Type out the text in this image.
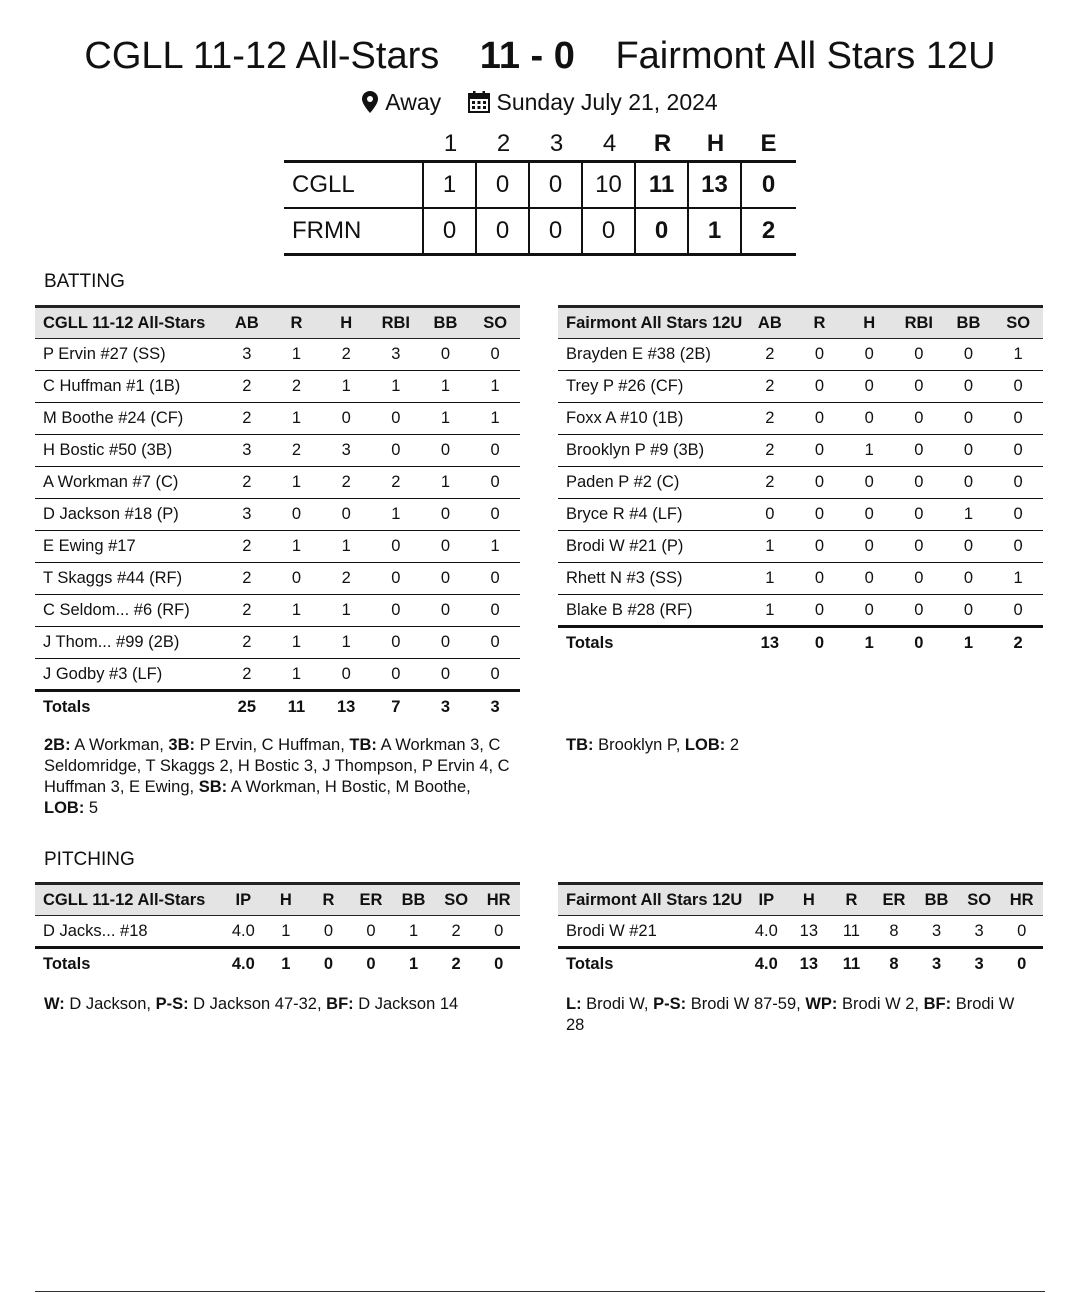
CGLL 11-12 All-Stars 11 - 0 Fairmont All Stars 12U
Away
Sunday July 21, 2024
1	2	3	4	R	H	E
CGLL	1	0	0	10	11	13	0
FRMN	0	0	0	0	0	1	2
BATTING
CGLL 11-12 All-Stars	AB	R	H	RBI	BB	SO
P Ervin #27 (SS)	3	1	2	3	0	0
C Huffman #1 (1B)	2	2	1	1	1	1
M Boothe #24 (CF)	2	1	0	0	1	1
H Bostic #50 (3B)	3	2	3	0	0	0
A Workman #7 (C)	2	1	2	2	1	0
D Jackson #18 (P)	3	0	0	1	0	0
E Ewing #17	2	1	1	0	0	1
T Skaggs #44 (RF)	2	0	2	0	0	0
C Seldom... #6 (RF)	2	1	1	0	0	0
J Thom... #99 (2B)	2	1	1	0	0	0
J Godby #3 (LF)	2	1	0	0	0	0
Totals	25	11	13	7	3	3
Fairmont All Stars 12U	AB	R	H	RBI	BB	SO
Brayden E #38 (2B)	2	0	0	0	0	1
Trey P #26 (CF)	2	0	0	0	0	0
Foxx A #10 (1B)	2	0	0	0	0	0
Brooklyn P #9 (3B)	2	0	1	0	0	0
Paden P #2 (C)	2	0	0	0	0	0
Bryce R #4 (LF)	0	0	0	0	1	0
Brodi W #21 (P)	1	0	0	0	0	0
Rhett N #3 (SS)	1	0	0	0	0	1
Blake B #28 (RF)	1	0	0	0	0	0
Totals	13	0	1	0	1	2
2B: A Workman, 3B: P Ervin, C Huffman, TB: A Workman 3, C Seldomridge, T Skaggs 2, H Bostic 3, J Thompson, P Ervin 4, C Huffman 3, E Ewing, SB: A Workman, H Bostic, M Boothe, LOB: 5
TB: Brooklyn P, LOB: 2
PITCHING
CGLL 11-12 All-Stars	IP	H	R	ER	BB	SO	HR
D Jacks... #18	4.0	1	0	0	1	2	0
Totals	4.0	1	0	0	1	2	0
Fairmont All Stars 12U	IP	H	R	ER	BB	SO	HR
Brodi W #21	4.0	13	11	8	3	3	0
Totals	4.0	13	11	8	3	3	0
W: D Jackson, P-S: D Jackson 47-32, BF: D Jackson 14	L: Brodi W, P-S: Brodi W 87-59, WP: Brodi W 2, BF: Brodi W 28
